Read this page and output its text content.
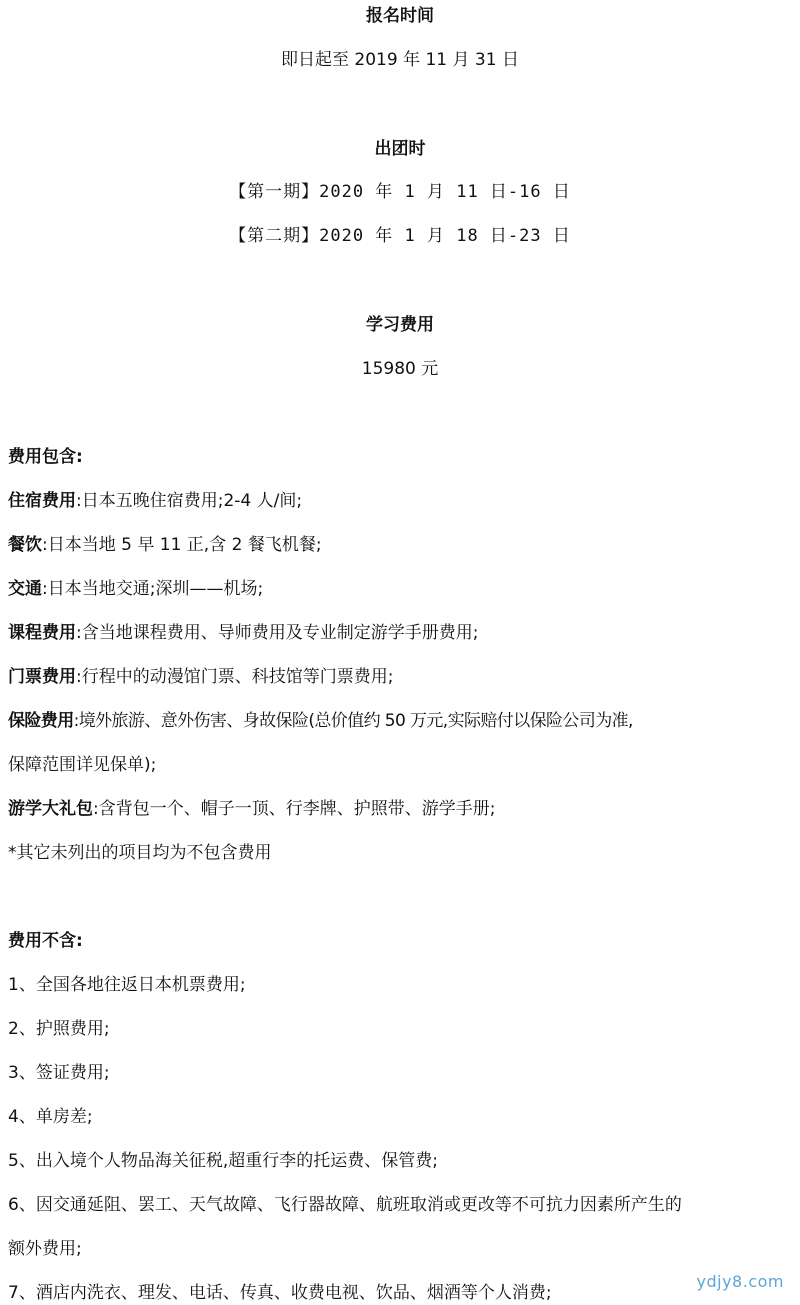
报名时间
即日起至 2019 年 11 月 31 日
出团时
【第一期】2020 年 1 月 11 日-16 日
【第二期】2020 年 1 月 18 日-23 日
学习费用
15980 元
费用包含:
住宿费用:日本五晚住宿费用;2-4 人/间;
餐饮:日本当地 5 早 11 正,含 2 餐飞机餐;
交通:日本当地交通;深圳——机场;
课程费用:含当地课程费用、导师费用及专业制定游学手册费用;
门票费用:行程中的动漫馆门票、科技馆等门票费用;
保险费用:境外旅游、意外伤害、身故保险(总价值约 50 万元,实际赔付以保险公司为准,
保障范围详见保单);
游学大礼包:含背包一个、帽子一顶、行李牌、护照带、游学手册;
*其它未列出的项目均为不包含费用
费用不含:
1、全国各地往返日本机票费用;
2、护照费用;
3、签证费用;
4、单房差;
5、出入境个人物品海关征税,超重行李的托运费、保管费;
6、因交通延阻、罢工、天气故障、飞行器故障、航班取消或更改等不可抗力因素所产生的
额外费用;
7、酒店内洗衣、理发、电话、传真、收费电视、饮品、烟酒等个人消费;
ydjy8.com
